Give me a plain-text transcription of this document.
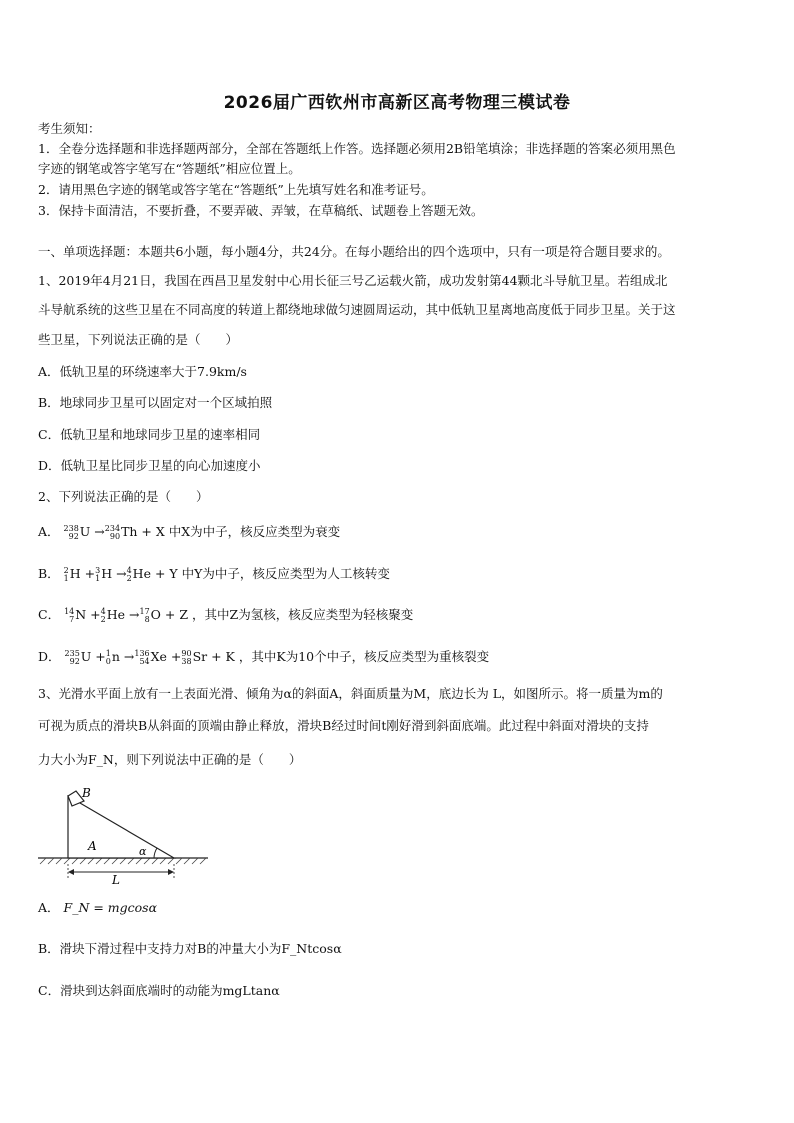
2026届广西钦州市高新区高考物理三模试卷
考生须知：
1．全卷分选择题和非选择题两部分，全部在答题纸上作答。选择题必须用2B铅笔填涂；非选择题的答案必须用黑色
字迹的钢笔或答字笔写在“答题纸”相应位置上。
2．请用黑色字迹的钢笔或答字笔在“答题纸”上先填写姓名和准考证号。
3．保持卡面清洁，不要折叠，不要弄破、弄皱，在草稿纸、试题卷上答题无效。
一、单项选择题：本题共6小题，每小题4分，共24分。在每小题给出的四个选项中，只有一项是符合题目要求的。
1、2019年4月21日，我国在西昌卫星发射中心用长征三号乙运载火箭，成功发射第44颗北斗导航卫星。若组成北
斗导航系统的这些卫星在不同高度的转道上都绕地球做匀速圆周运动，其中低轨卫星离地高度低于同步卫星。关于这
些卫星，下列说法正确的是（　　）
A．低轨卫星的环绕速率大于7.9km/s
B．地球同步卫星可以固定对一个区域拍照
C．低轨卫星和地球同步卫星的速率相同
D．低轨卫星比同步卫星的向心加速度小
2、下列说法正确的是（　　）
A． 238
92 U → 234
90 Th + X 中X为中子，核反应类型为衰变
B． 2
1 H + 3
1 H → 4
2 He + Y 中Y为中子，核反应类型为人工核转变
C． 14
7 N + 4
2 He → 17
8 O + Z ，其中Z为氢核，核反应类型为轻核聚变
D． 235
92 U + 1
0 n → 136
54 Xe + 90
38 Sr + K ，其中K为10个中子，核反应类型为重核裂变
3、光滑水平面上放有一上表面光滑、倾角为α的斜面A，斜面质量为M，底边长为 L，如图所示。将一质量为m的
可视为质点的滑块B从斜面的顶端由静止释放，滑块B经过时间t刚好滑到斜面底端。此过程中斜面对滑块的支持
力大小为F_N，则下列说法中正确的是（　　）
B
A	α
L
A． F_N = mgcosα
B．滑块下滑过程中支持力对B的冲量大小为F_Ntcosα
C．滑块到达斜面底端时的动能为mgLtanα
